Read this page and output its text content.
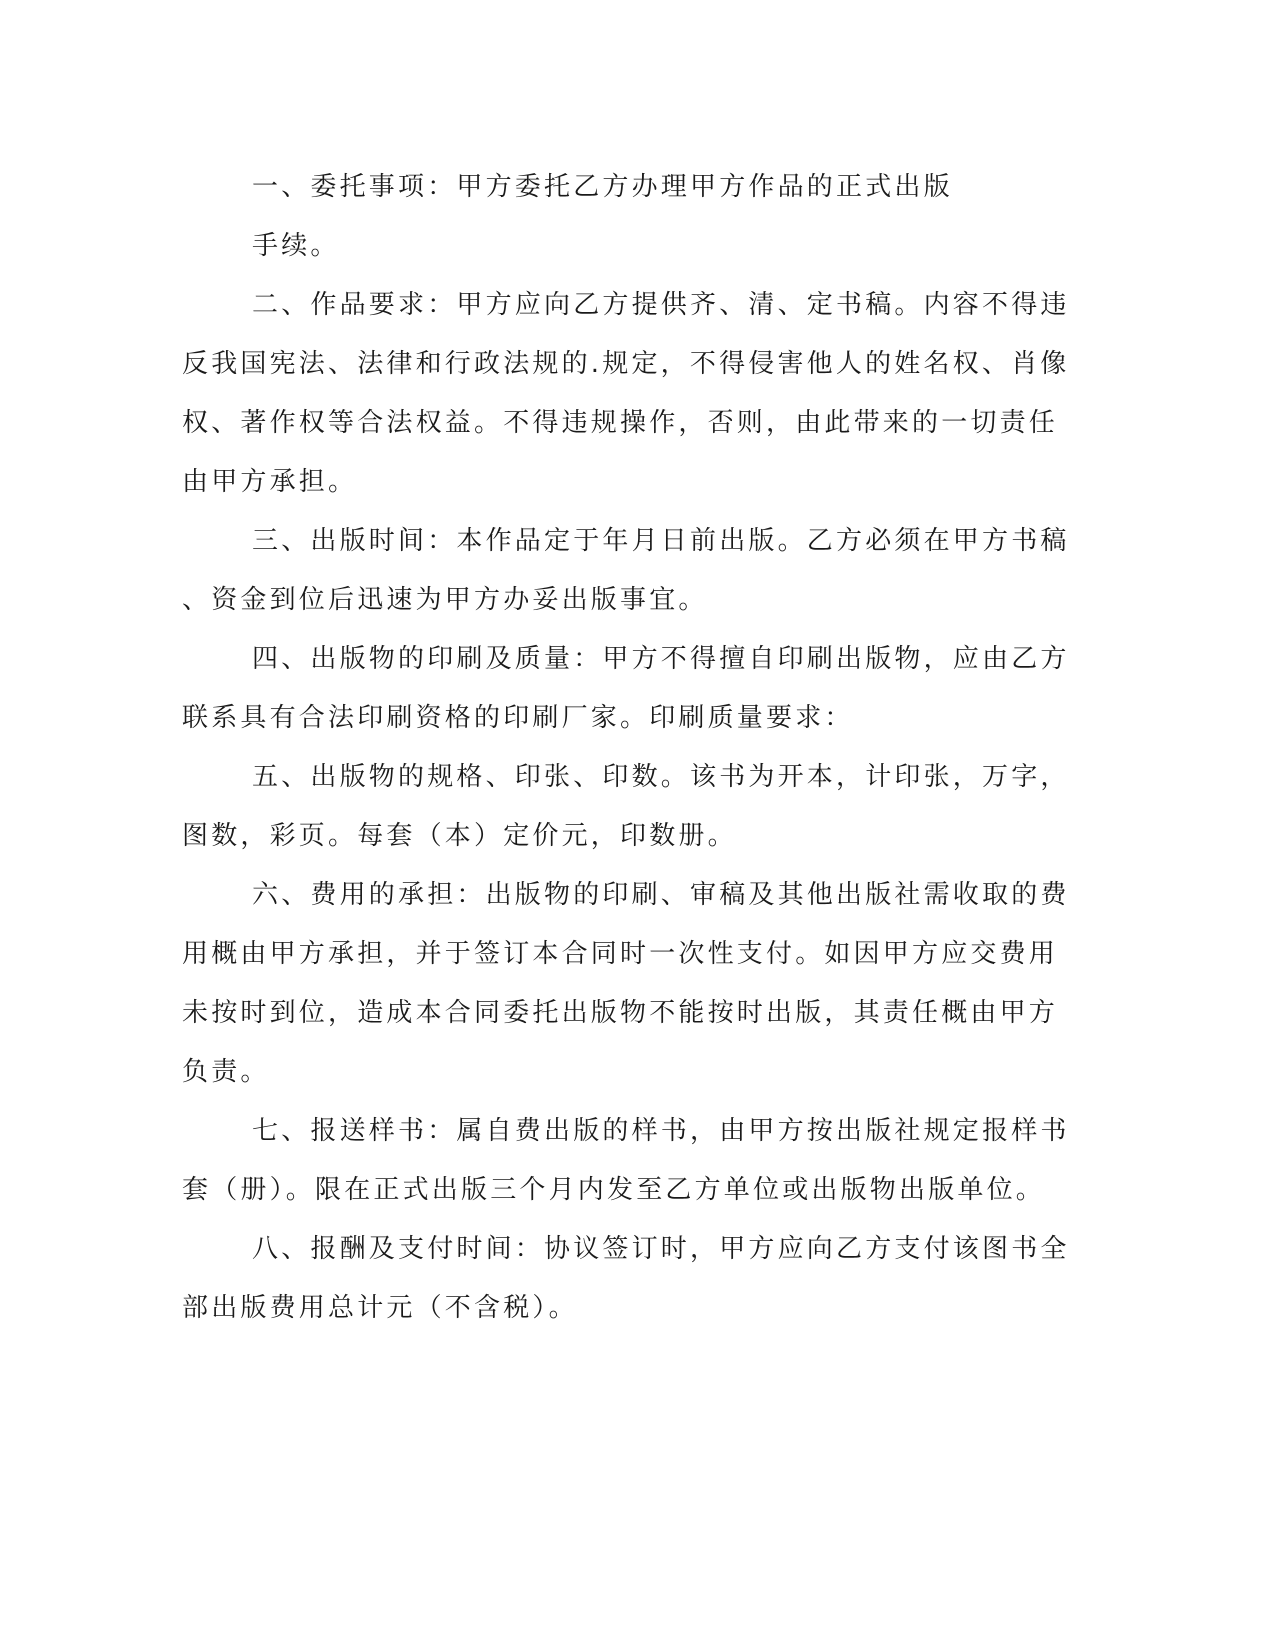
一、委托事项：甲方委托乙方办理甲方作品的正式出版
手续。
二、作品要求：甲方应向乙方提供齐、清、定书稿。内容不得违
反我国宪法、法律和行政法规的.规定，不得侵害他人的姓名权、肖像
权、著作权等合法权益。不得违规操作，否则，由此带来的一切责任
由甲方承担。
三、出版时间：本作品定于年月日前出版。乙方必须在甲方书稿
、资金到位后迅速为甲方办妥出版事宜。
四、出版物的印刷及质量：甲方不得擅自印刷出版物，应由乙方
联系具有合法印刷资格的印刷厂家。印刷质量要求：
五、出版物的规格、印张、印数。该书为开本，计印张，万字，
图数，彩页。每套（本）定价元，印数册。
六、费用的承担：出版物的印刷、审稿及其他出版社需收取的费
用概由甲方承担，并于签订本合同时一次性支付。如因甲方应交费用
未按时到位，造成本合同委托出版物不能按时出版，其责任概由甲方
负责。
七、报送样书：属自费出版的样书，由甲方按出版社规定报样书
套（册）。限在正式出版三个月内发至乙方单位或出版物出版单位。
八、报酬及支付时间：协议签订时，甲方应向乙方支付该图书全
部出版费用总计元（不含税）。
